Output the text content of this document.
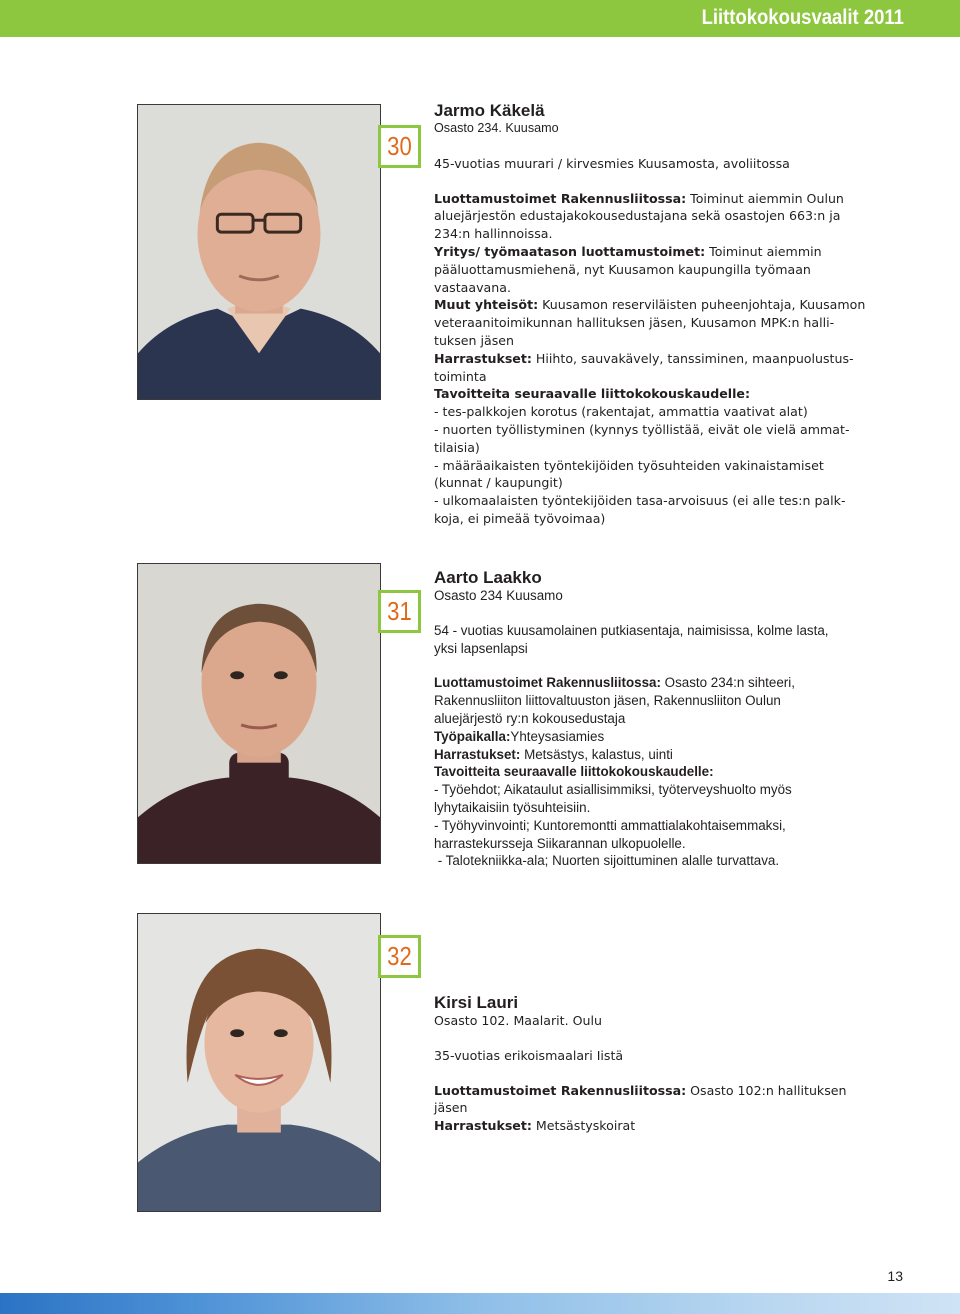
Liittokokousvaalit 2011
30

Jarmo Käkelä

Osasto 234. Kuusamo

45-vuotias muurari / kirvesmies Kuusamosta, avoliitossa

Luottamustoimet Rakennusliitossa: Toiminut aiemmin Oulun

aluejärjestön edustajakokousedustajana sekä osastojen 663:n ja

234:n hallinnoissa.

Yritys/ työmaatason luottamustoimet: Toiminut aiemmin

pääluottamusmiehenä, nyt Kuusamon kaupungilla työmaan

vastaavana.

Muut yhteisöt: Kuusamon reserviläisten puheenjohtaja, Kuusamon

veteraanitoimikunnan hallituksen jäsen, Kuusamon MPK:n halli-

tuksen jäsen

Harrastukset: Hiihto, sauvakävely, tanssiminen, maanpuolustus-

toiminta

Tavoitteita seuraavalle liittokokouskaudelle:

- tes-palkkojen korotus (rakentajat, ammattia vaativat alat)

- nuorten työllistyminen (kynnys työllistää, eivät ole vielä ammat-

tilaisia)

- määräaikaisten työntekijöiden työsuhteiden vakinaistamiset

(kunnat / kaupungit)

- ulkomaalaisten työntekijöiden tasa-arvoisuus (ei alle tes:n palk-

koja, ei pimeää työvoimaa)

31

Aarto Laakko

Osasto 234 Kuusamo

54 - vuotias kuusamolainen putkiasentaja, naimisissa, kolme lasta,

yksi lapsenlapsi

Luottamustoimet Rakennusliitossa: Osasto 234:n sihteeri,

Rakennusliiton liittovaltuuston jäsen, Rakennusliiton Oulun

aluejärjestö ry:n kokousedustaja

Työpaikalla:Yhteysasiamies

Harrastukset: Metsästys, kalastus, uinti

Tavoitteita seuraavalle liittokokouskaudelle:

- Työehdot; Aikataulut asiallisimmiksi, työterveyshuolto myös

lyhytaikaisiin työsuhteisiin.

- Työhyvinvointi; Kuntoremontti ammattialakohtaisemmaksi,

harrastekursseja Siikarannan ulkopuolelle.

- Talotekniikka-ala; Nuorten sijoittuminen alalle turvattava.

32

Kirsi Lauri

Osasto 102. Maalarit. Oulu

35-vuotias erikoismaalari Iistä

Luottamustoimet Rakennusliitossa: Osasto 102:n hallituksen

jäsen

Harrastukset: Metsästyskoirat

13
